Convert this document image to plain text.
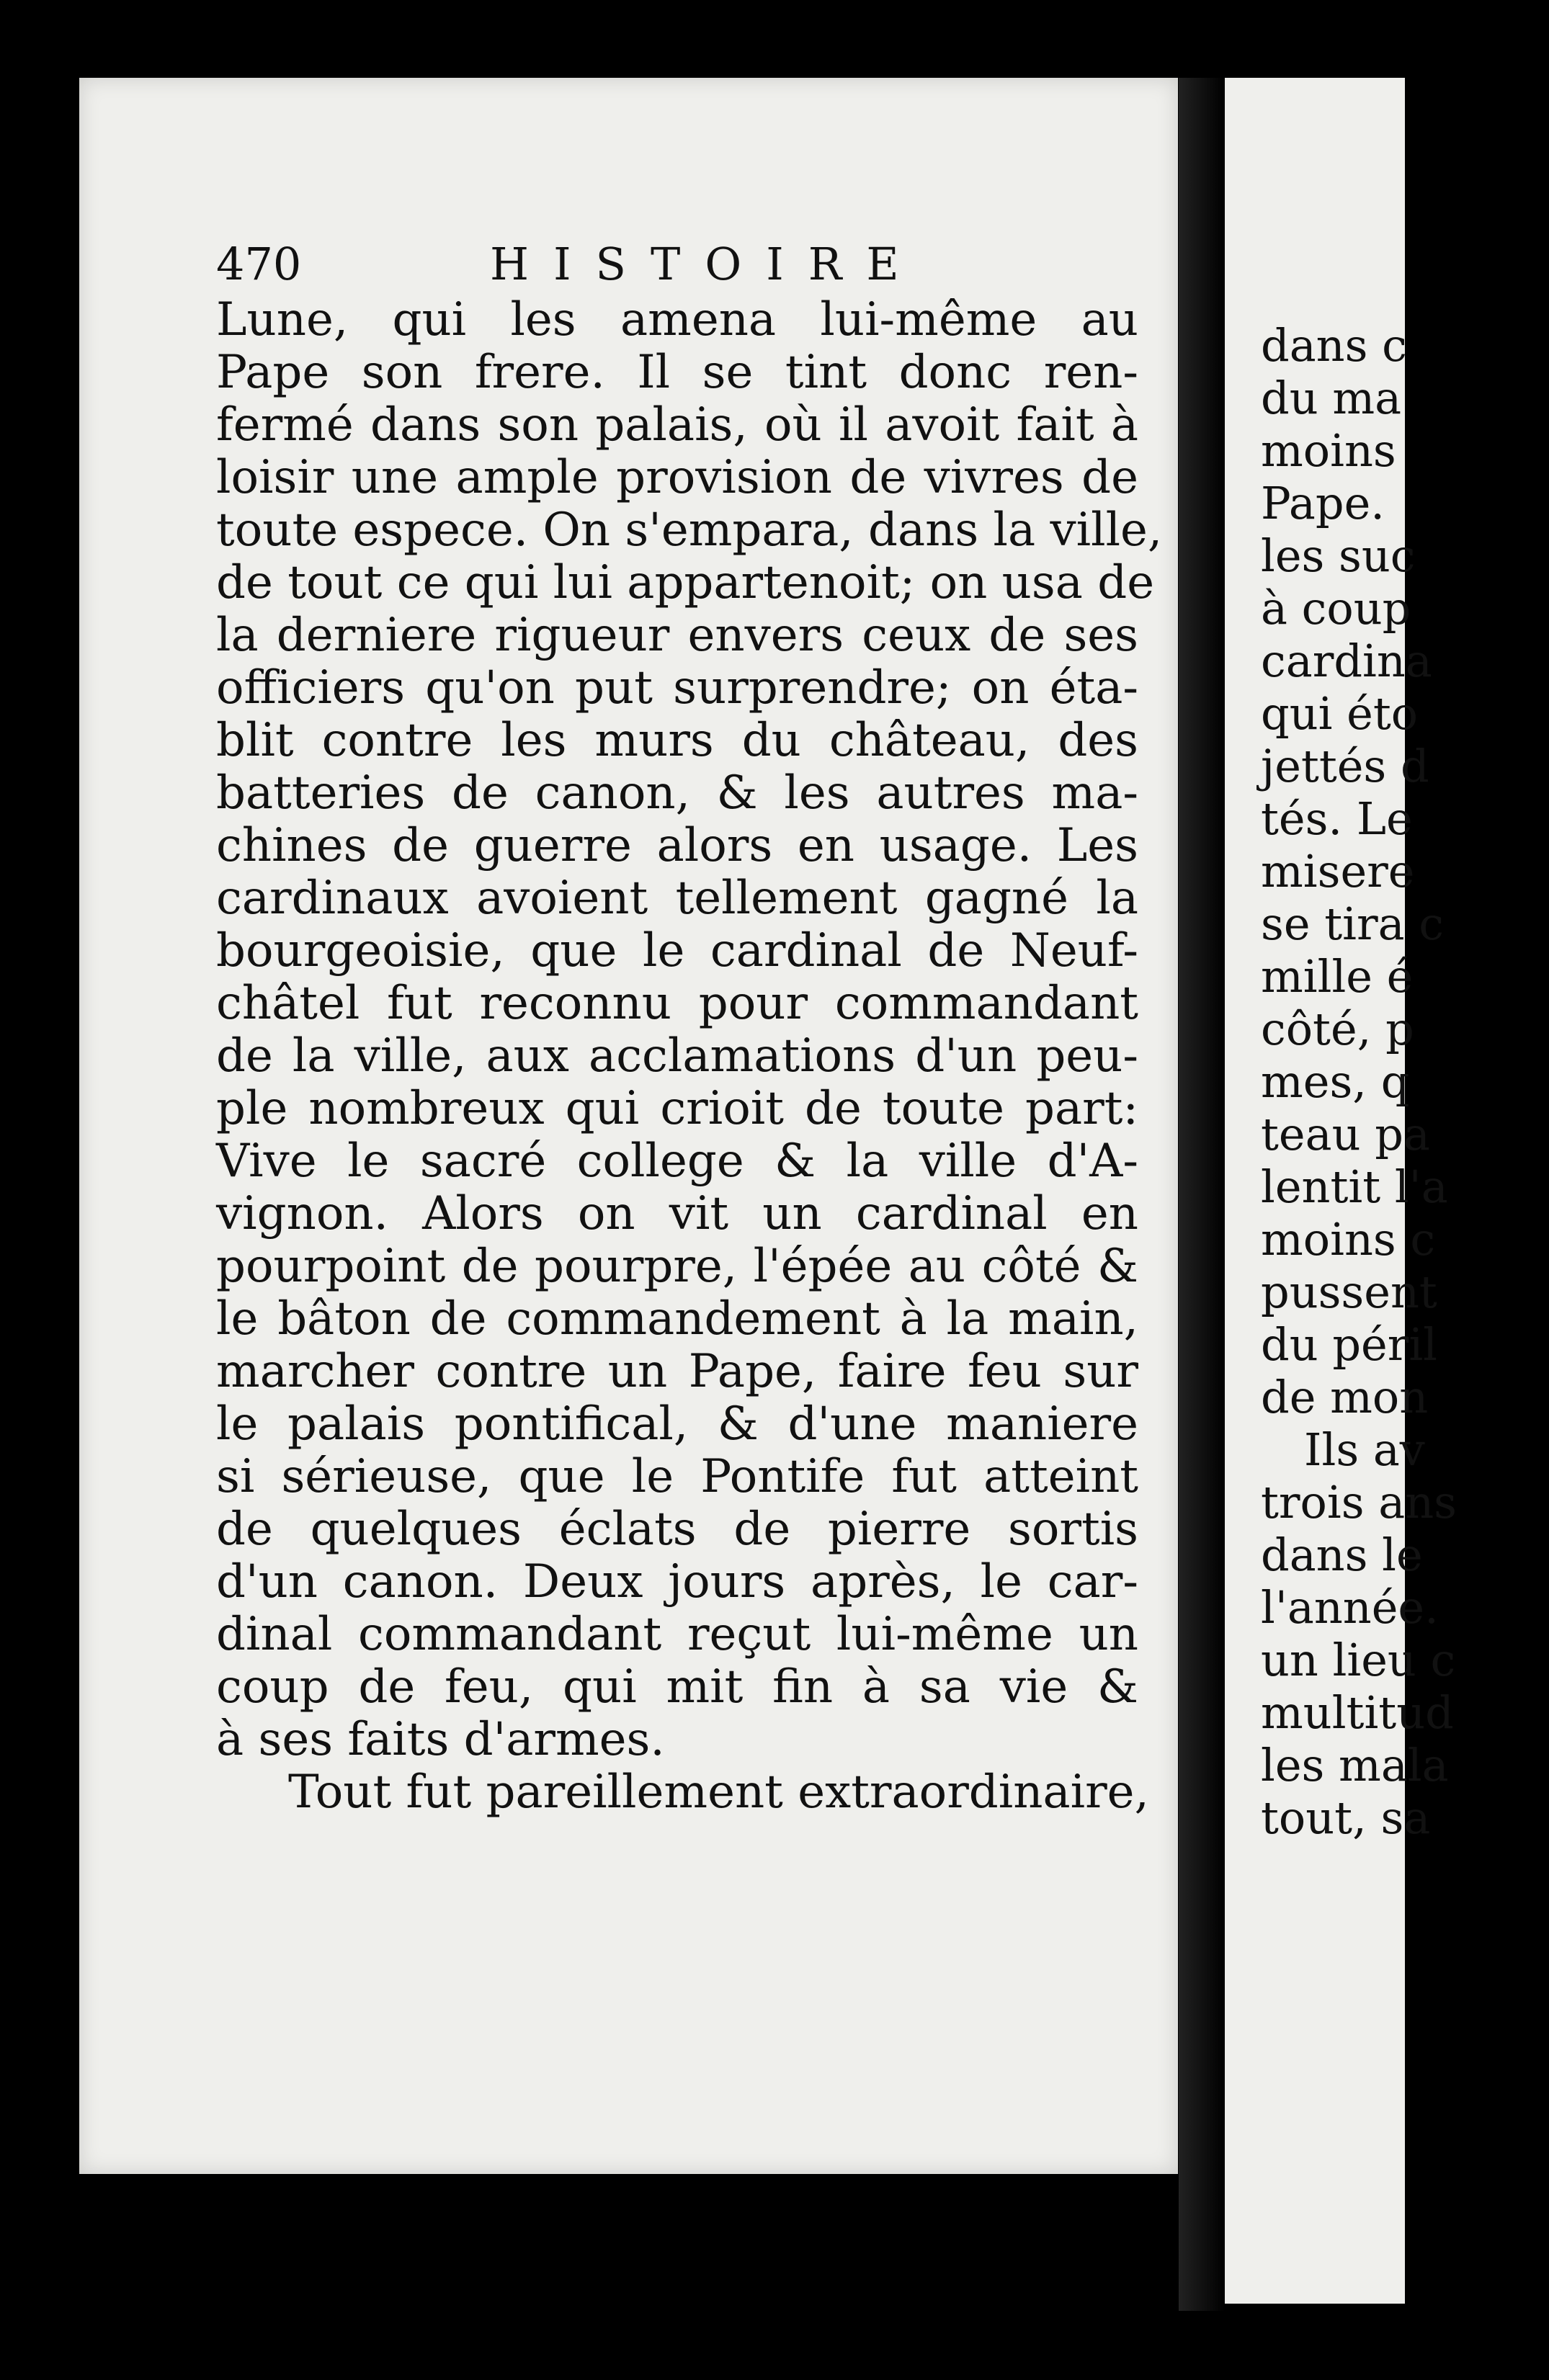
dans c
du ma
moins
Pape.
les suc
à coup
cardina
qui éto
jettés d
tés. Le
misere
se tira c
mille é
côté, p
mes, q
teau pa
lentit l'a
moins c
pussent
du péril
de mon
Ils av
trois ans
dans le
l'année.
un lieu c
multitud
les mala
tout, sa
470	HISTOIRE
Lune, qui les amena lui-même au
Pape son frere. Il se tint donc ren-
fermé dans son palais, où il avoit fait à
loisir une ample provision de vivres de
toute espece. On s'empara, dans la ville,
de tout ce qui lui appartenoit; on usa de
la derniere rigueur envers ceux de ses
officiers qu'on put surprendre; on éta-
blit contre les murs du château, des
batteries de canon, & les autres ma-
chines de guerre alors en usage. Les
cardinaux avoient tellement gagné la
bourgeoisie, que le cardinal de Neuf-
châtel fut reconnu pour commandant
de la ville, aux acclamations d'un peu-
ple nombreux qui crioit de toute part:
Vive le sacré college & la ville d'A-
vignon. Alors on vit un cardinal en
pourpoint de pourpre, l'épée au côté &
le bâton de commandement à la main,
marcher contre un Pape, faire feu sur
le palais pontifical, & d'une maniere
si sérieuse, que le Pontife fut atteint
de quelques éclats de pierre sortis
d'un canon. Deux jours après, le car-
dinal commandant reçut lui-même un
coup de feu, qui mit fin à sa vie &
à ses faits d'armes.
Tout fut pareillement extraordinaire,
